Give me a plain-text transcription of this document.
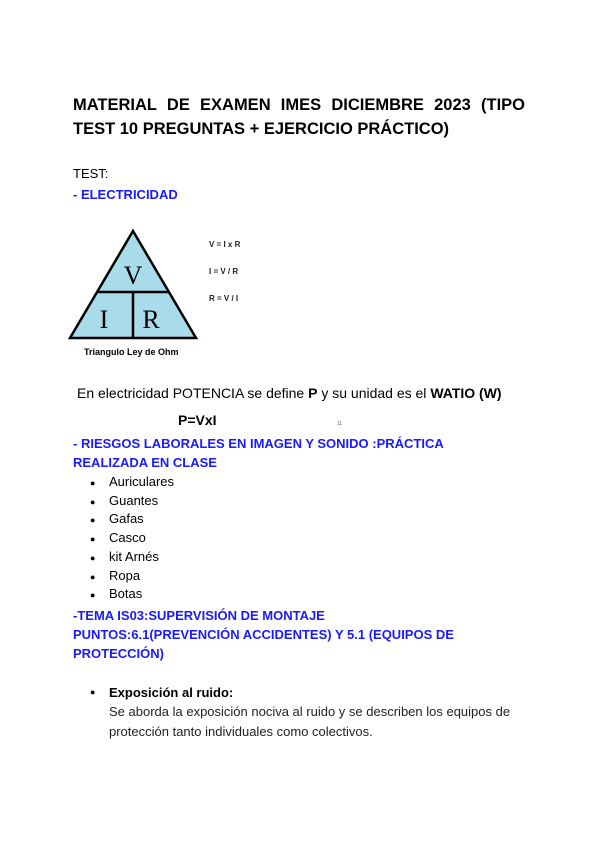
MATERIAL DE EXAMEN IMES DICIEMBRE 2023 (TIPO TEST 10 PREGUNTAS + EJERCICIO PRÁCTICO)
TEST:
- ELECTRICIDAD
V
I R
Triangulo Ley de Ohm
V = I x R
I = V / R
R = V / I
En electricidad POTENCIA se define P y su unidad es el WATIO (W)
P=VxI	11
- RIESGOS LABORALES EN IMAGEN Y SONIDO :PRÁCTICA REALIZADA EN CLASE
● Auriculares
● Guantes
● Gafas
● Casco
● kit Arnés
● Ropa
● Botas
-TEMA IS03:SUPERVISIÓN DE MONTAJE
PUNTOS:6.1(PREVENCIÓN ACCIDENTES) Y 5.1 (EQUIPOS DE PROTECCIÓN)
● Exposición al ruido:
Se aborda la exposición nociva al ruido y se describen los equipos de protección tanto individuales como colectivos.
